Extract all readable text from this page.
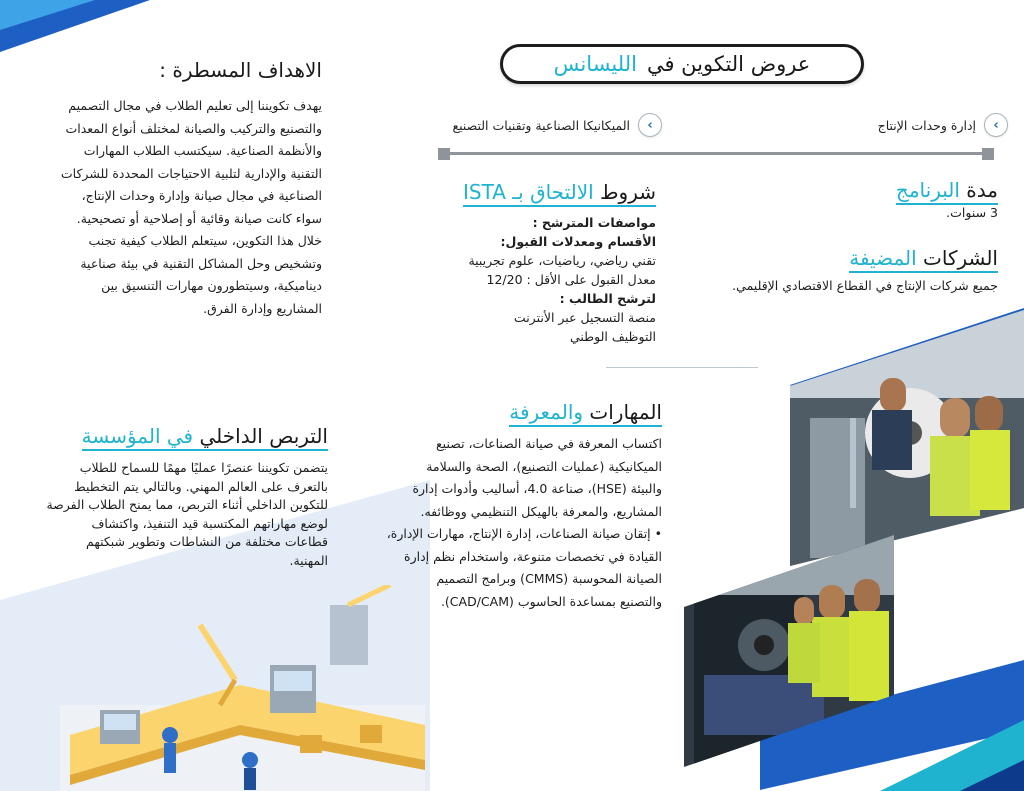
عروض التكوين في
الليسانس
›
إدارة وحدات الإنتاج
›
الميكانيكا الصناعية وتقنيات التصنيع
مدة البرنامج
3 سنوات.
الشركات المضيفة
جميع شركات الإنتاج في القطاع الاقتصادي الإقليمي.
شروط الالتحاق بـ ISTA
مواصفات المترشح :
الأقسام ومعدلات القبول:
تقني رياضي، رياضيات، علوم تجريبية
معدل القبول على الأقل : 12/20
لترشح الطالب :
منصة التسجيل عبر الأنترنت
التوظيف الوطني
المهارات والمعرفة
اكتساب المعرفة في صيانة الصناعات، تصنيع
الميكانيكية (عمليات التصنيع)، الصحة والسلامة
والبيئة (HSE)، صناعة 4.0، أساليب وأدوات إدارة
المشاريع، والمعرفة بالهيكل التنظيمي ووظائفه.
• إتقان صيانة الصناعات، إدارة الإنتاج، مهارات الإدارة،
القيادة في تخصصات متنوعة، واستخدام نظم إدارة
الصيانة المحوسبة (CMMS) وبرامج التصميم
والتصنيع بمساعدة الحاسوب (CAD/CAM).
الاهداف المسطرة :
يهدف تكويننا إلى تعليم الطلاب في مجال التصميم
والتصنيع والتركيب والصيانة لمختلف أنواع المعدات
والأنظمة الصناعية. سيكتسب الطلاب المهارات
التقنية والإدارية لتلبية الاحتياجات المحددة للشركات
الصناعية في مجال صيانة وإدارة وحدات الإنتاج،
سواء كانت صيانة وقائية أو إصلاحية أو تصحيحية.
خلال هذا التكوين، سيتعلم الطلاب كيفية تجنب
وتشخيص وحل المشاكل التقنية في بيئة صناعية
ديناميكية، وسيتطورون مهارات التنسيق بين
المشاريع وإدارة الفرق.
التربص الداخلي في المؤسسة
يتضمن تكويننا عنصرًا عمليًا مهمًا للسماح للطلاب
بالتعرف على العالم المهني. وبالتالي يتم التخطيط
للتكوين الداخلي أثناء التربص، مما يمنح الطلاب الفرصة
لوضع مهاراتهم المكتسبة قيد التنفيذ، واكتشاف
قطاعات مختلفة من النشاطات وتطوير شبكتهم
المهنية.
